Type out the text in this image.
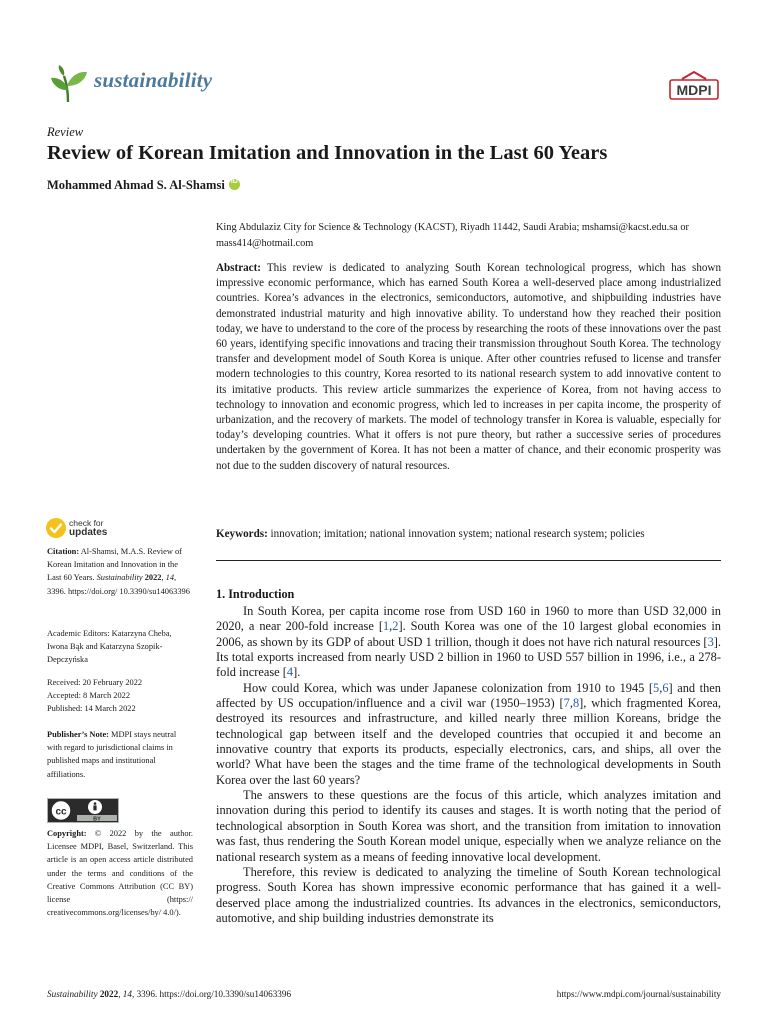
sustainability	MDPI
Review
Review of Korean Imitation and Innovation in the Last 60 Years
Mohammed Ahmad S. Al-Shamsi iD
King Abdulaziz City for Science & Technology (KACST), Riyadh 11442, Saudi Arabia; mshamsi@kacst.edu.sa or mass414@hotmail.com
Abstract: This review is dedicated to analyzing South Korean technological progress, which has shown impressive economic performance, which has earned South Korea a well-deserved place among industrialized countries. Korea’s advances in the electronics, semiconductors, automotive, and shipbuilding industries have demonstrated industrial maturity and high innovative ability. To understand how they reached their position today, we have to understand to the core of the process by researching the roots of these innovations over the past 60 years, identifying specific innovations and tracing their transmission throughout South Korea. The technology transfer and development model of South Korea is unique. After other countries refused to license and transfer modern technologies to this country, Korea resorted to its national research system to add innovative content to its imitative products. This review article summarizes the experience of Korea, from not having access to technology to innovation and economic progress, which led to increases in per capita income, the prosperity of urbanization, and the recovery of markets. The model of technology transfer in Korea is valuable, especially for today’s developing countries. What it offers is not pure theory, but rather a successive series of procedures undertaken by the government of Korea. It has not been a matter of chance, and their economic prosperity was not due to the sudden discovery of natural resources.
Keywords: innovation; imitation; national innovation system; national research system; policies
1. Introduction

In South Korea, per capita income rose from USD 160 in 1960 to more than USD 32,000 in 2020, a near 200-fold increase [1,2]. South Korea was one of the 10 largest global economies in 2006, as shown by its GDP of about USD 1 trillion, though it does not have rich natural resources [3]. Its total exports increased from nearly USD 2 billion in 1960 to USD 557 billion in 1996, i.e., a 278-fold increase [4].

How could Korea, which was under Japanese colonization from 1910 to 1945 [5,6] and then affected by US occupation/influence and a civil war (1950–1953) [7,8], which fragmented Korea, destroyed its resources and infrastructure, and killed nearly three million Koreans, bridge the technological gap between itself and the developed countries that occupied it and become an innovative country that exports its products, especially electronics, cars, and ships, all over the world? What have been the stages and the time frame of the technological developments in South Korea over the last 60 years?

The answers to these questions are the focus of this article, which analyzes imitation and innovation during this period to identify its causes and stages. It is worth noting that the period of technological absorption in South Korea was short, and the transition from imitation to innovation was fast, thus rendering the South Korean model unique, especially when we analyze reliance on the national research system as a means of feeding innovative local development.

Therefore, this review is dedicated to analyzing the timeline of South Korean technological progress. South Korea has shown impressive economic performance that has gained it a well-deserved place among the industrialized countries. Its advances in the electronics, semiconductors, automotive, and ship building industries demonstrate its

check for
updates
Citation: Al-Shamsi, M.A.S. Review of Korean Imitation and Innovation in the Last 60 Years. Sustainability 2022, 14, 3396. https://doi.org/ 10.3390/su14063396
Academic Editors: Katarzyna Cheba, Iwona Bąk and Katarzyna Szopik-Depczyńska
Received: 20 February 2022
Accepted: 8 March 2022
Published: 14 March 2022
Publisher’s Note: MDPI stays neutral with regard to jurisdictional claims in published maps and institutional affiliations.
cc
BY
Copyright: © 2022 by the author. Licensee MDPI, Basel, Switzerland. This article is an open access article distributed under the terms and conditions of the Creative Commons Attribution (CC BY) license (https:// creativecommons.org/licenses/by/ 4.0/).
Sustainability 2022, 14, 3396. https://doi.org/10.3390/su14063396	https://www.mdpi.com/journal/sustainability
